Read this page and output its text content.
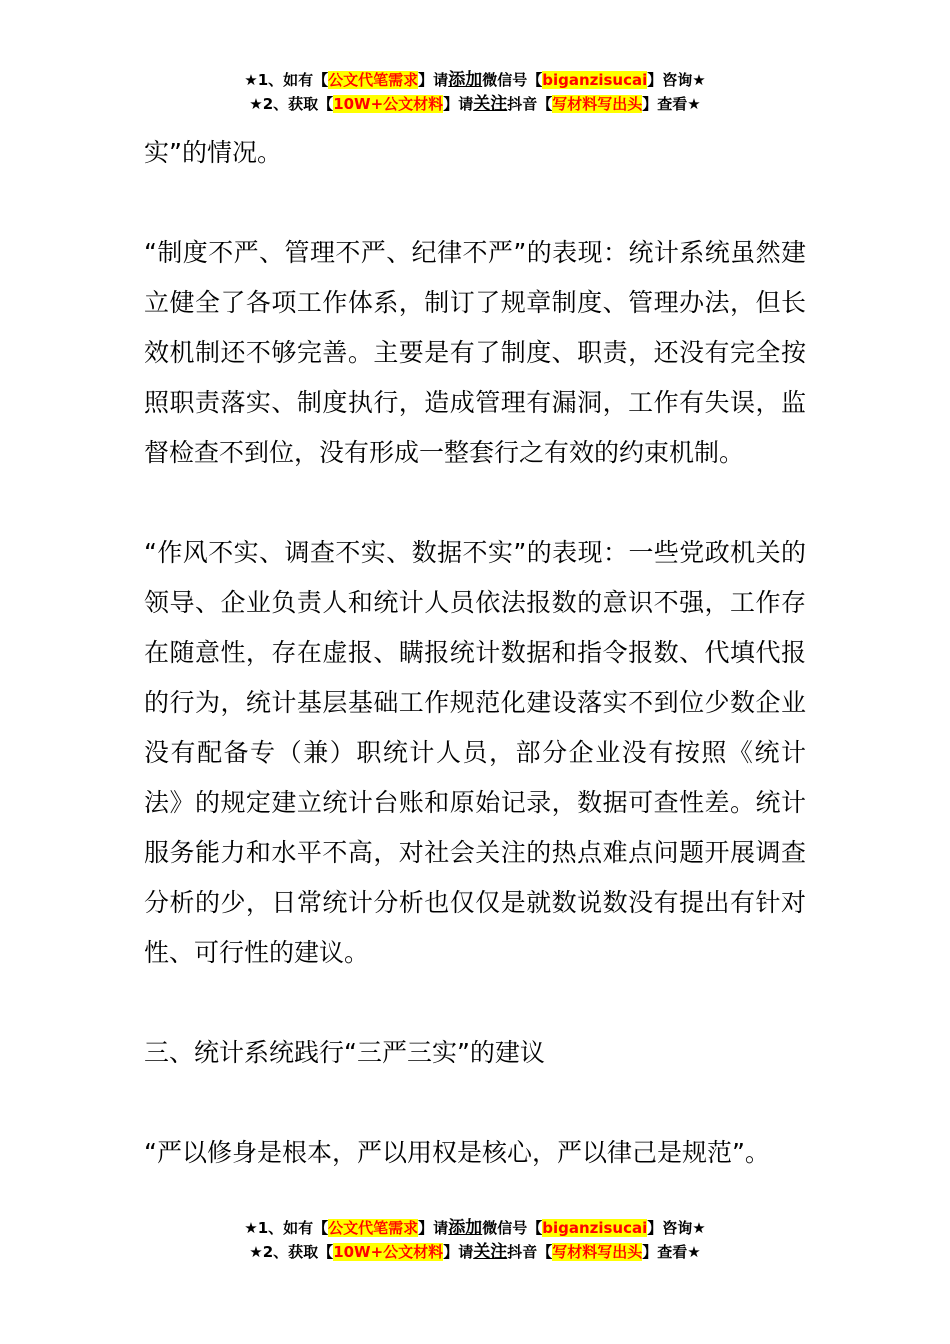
★1、如有【公文代笔需求】请添加微信号【biganzisucai】咨询★
★2、获取【10W+公文材料】请关注抖音【写材料写出头】查看★

实”的情况。

“制度不严、管理不严、纪律不严”的表现：统计系统虽然建立健全了各项工作体系，制订了规章制度、管理办法，但长效机制还不够完善。主要是有了制度、职责，还没有完全按照职责落实、制度执行，造成管理有漏洞，工作有失误，监督检查不到位，没有形成一整套行之有效的约束机制。

“作风不实、调查不实、数据不实”的表现：一些党政机关的领导、企业负责人和统计人员依法报数的意识不强，工作存在随意性，存在虚报、瞒报统计数据和指令报数、代填代报的行为，统计基层基础工作规范化建设落实不到位少数企业没有配备专（兼）职统计人员，部分企业没有按照《统计法》的规定建立统计台账和原始记录，数据可查性差。统计服务能力和水平不高，对社会关注的热点难点问题开展调查分析的少，日常统计分析也仅仅是就数说数没有提出有针对性、可行性的建议。

三、统计系统践行“三严三实”的建议

“严以修身是根本，严以用权是核心，严以律己是规范”。

★1、如有【公文代笔需求】请添加微信号【biganzisucai】咨询★
★2、获取【10W+公文材料】请关注抖音【写材料写出头】查看★
